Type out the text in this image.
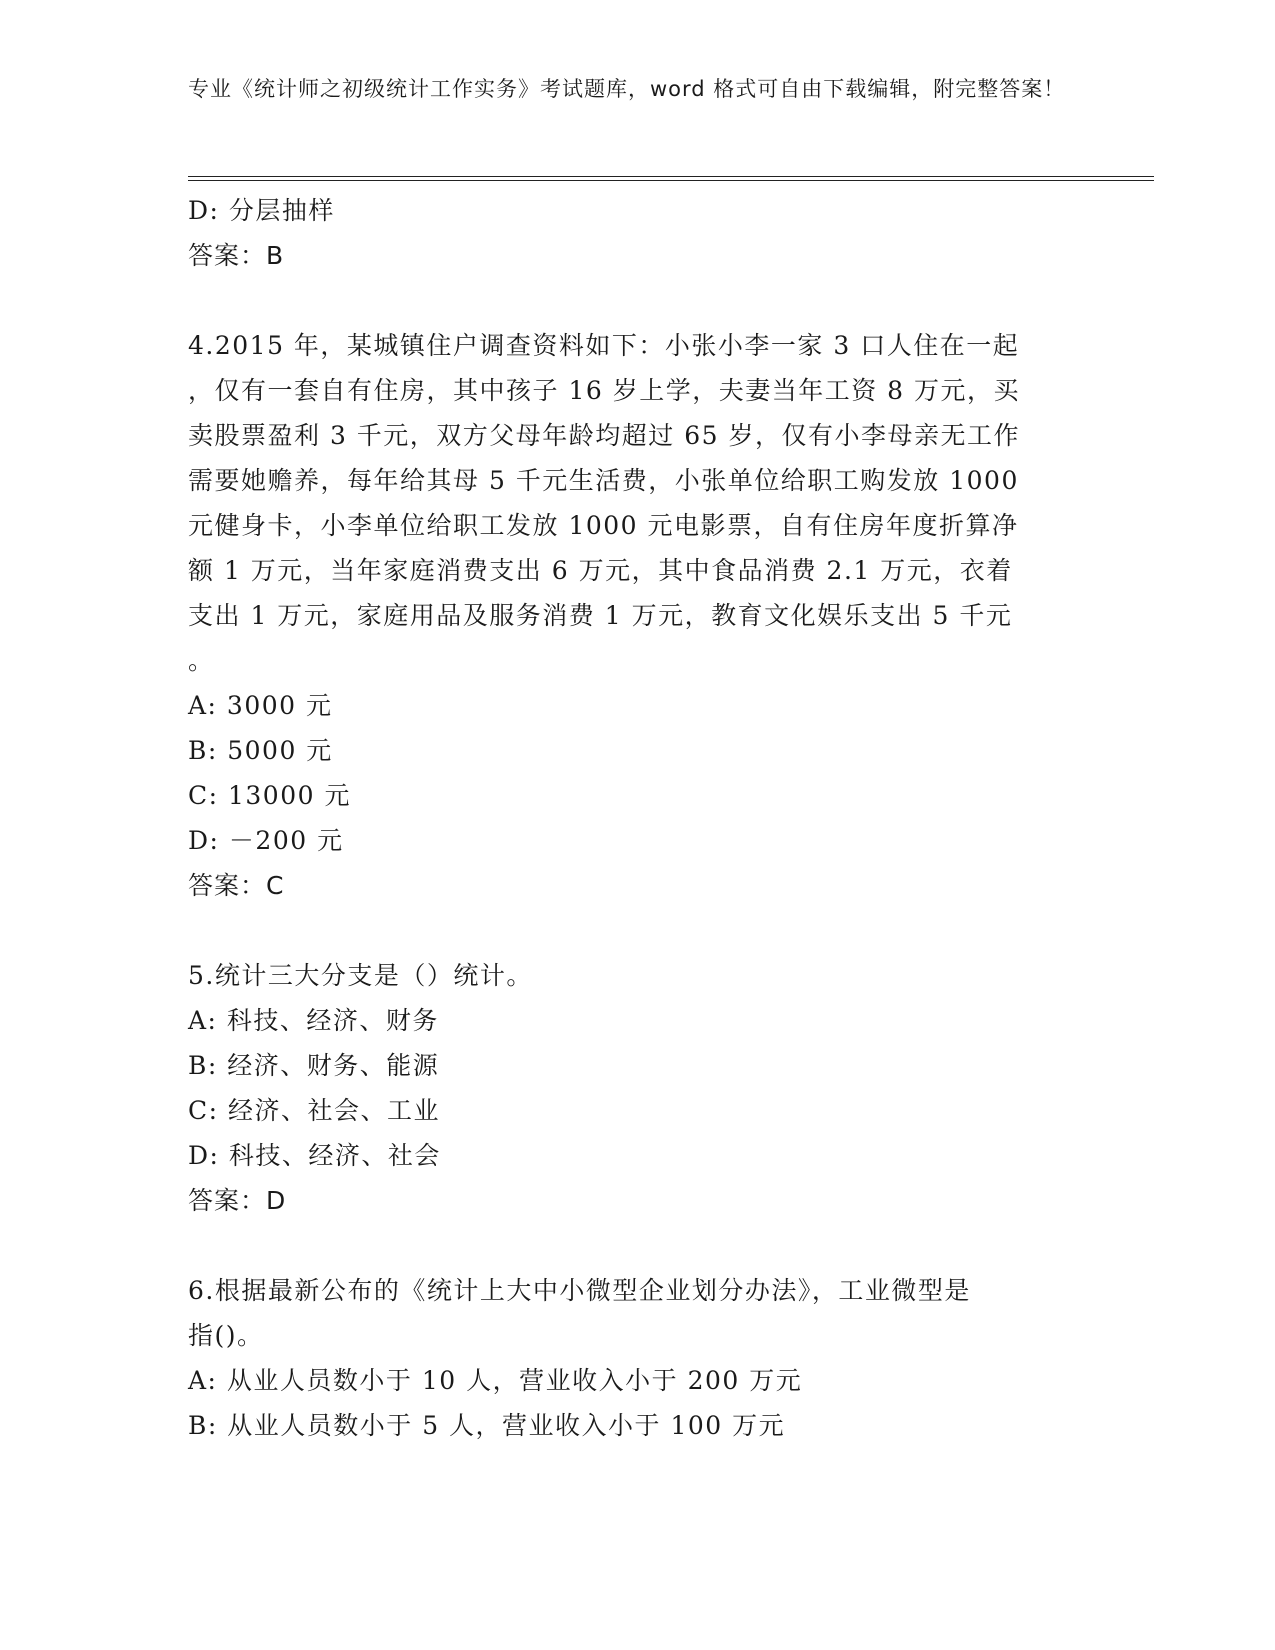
专业《统计师之初级统计工作实务》考试题库，word 格式可自由下载编辑，附完整答案！

D: 分层抽样

答案：B

4.2015 年，某城镇住户调查资料如下：小张小李一家 3 口人住在一起

，仅有一套自有住房，其中孩子 16 岁上学，夫妻当年工资 8 万元，买

卖股票盈利 3 千元，双方父母年龄均超过 65 岁，仅有小李母亲无工作

需要她赡养，每年给其母 5 千元生活费，小张单位给职工购发放 1000

元健身卡，小李单位给职工发放 1000 元电影票，自有住房年度折算净

额 1 万元，当年家庭消费支出 6 万元，其中食品消费 2.1 万元，衣着

支出 1 万元，家庭用品及服务消费 1 万元，教育文化娱乐支出 5 千元

。

A: 3000 元

B: 5000 元

C: 13000 元

D: －200 元

答案：C

5.统计三大分支是（）统计。

A: 科技、经济、财务

B: 经济、财务、能源

C: 经济、社会、工业

D: 科技、经济、社会

答案：D

6.根据最新公布的《统计上大中小微型企业划分办法》，工业微型是

指()。

A: 从业人员数小于 10 人，营业收入小于 200 万元

B: 从业人员数小于 5 人，营业收入小于 100 万元
